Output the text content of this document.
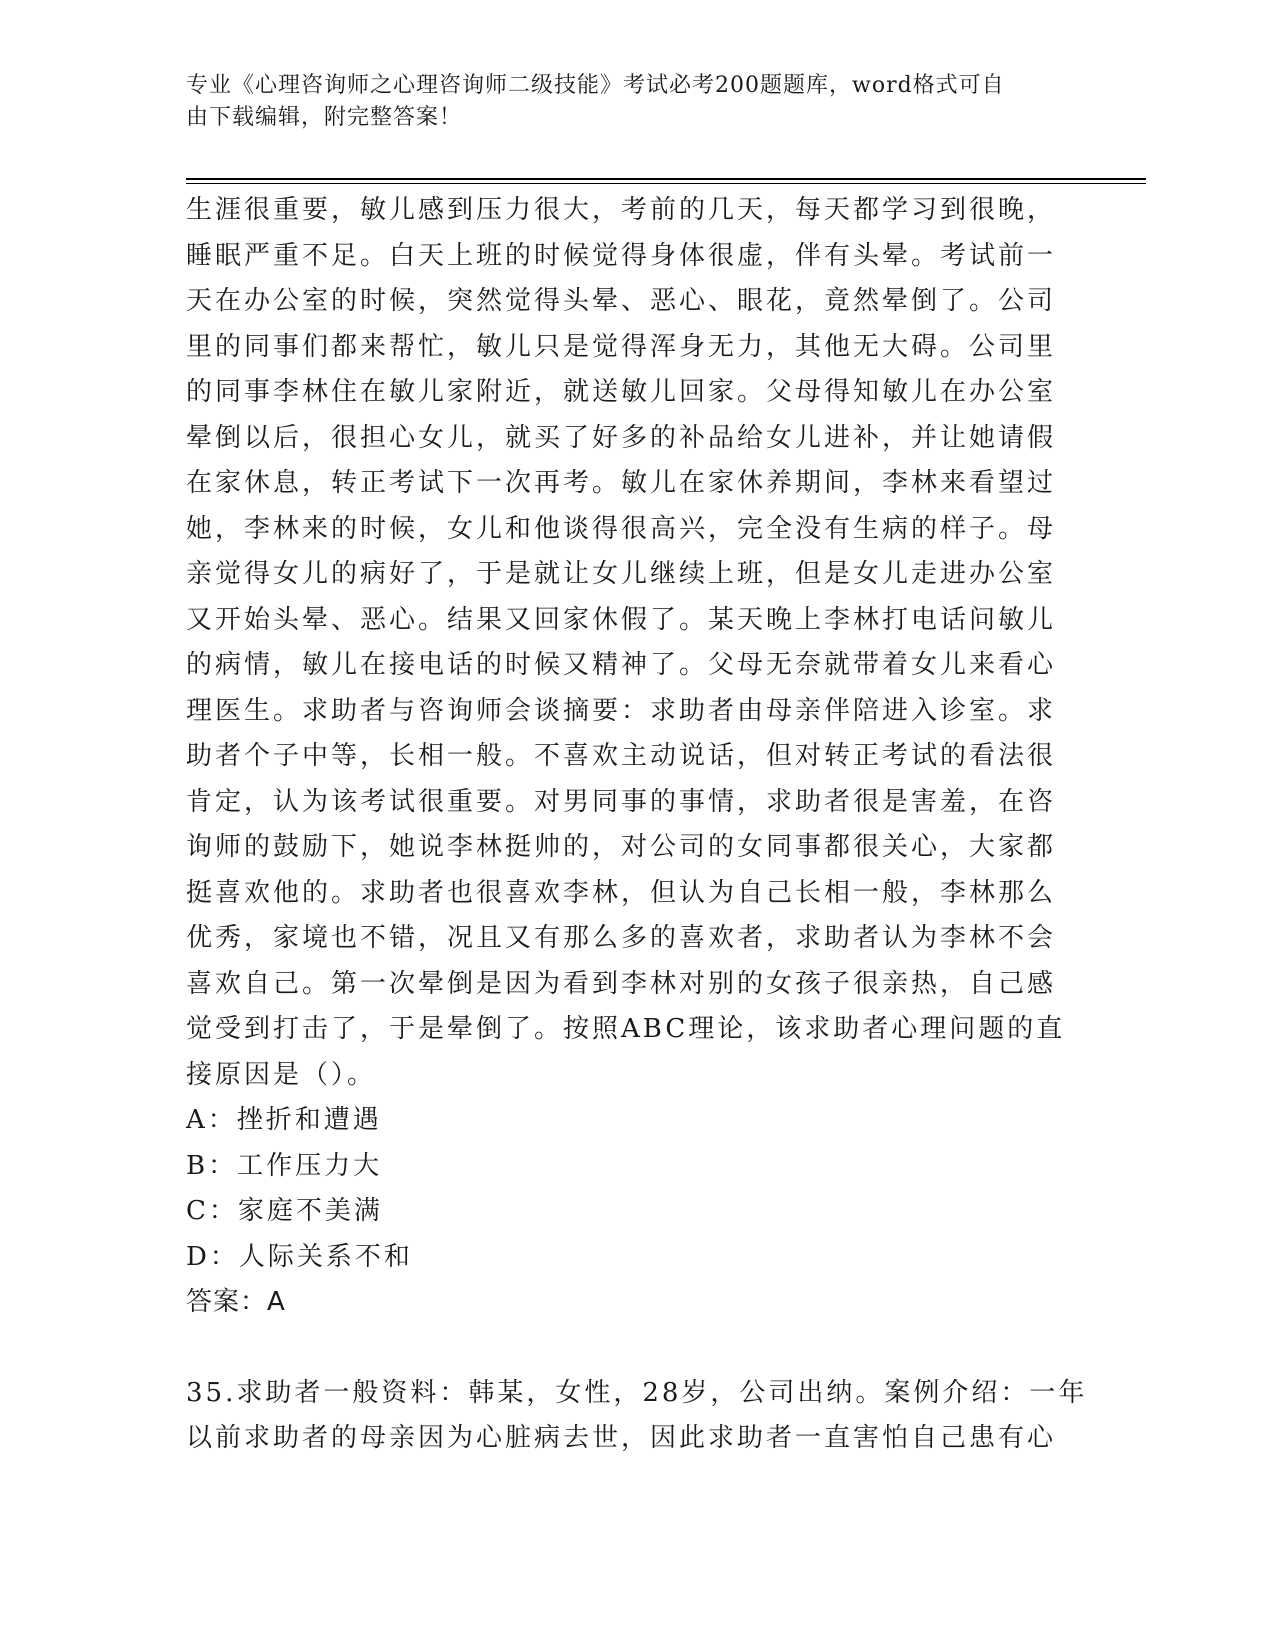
专业《心理咨询师之心理咨询师二级技能》考试必考200题题库，word格式可自
由下载编辑，附完整答案！
生涯很重要，敏儿感到压力很大，考前的几天，每天都学习到很晚，
睡眠严重不足。白天上班的时候觉得身体很虚，伴有头晕。考试前一
天在办公室的时候，突然觉得头晕、恶心、眼花，竟然晕倒了。公司
里的同事们都来帮忙，敏儿只是觉得浑身无力，其他无大碍。公司里
的同事李林住在敏儿家附近，就送敏儿回家。父母得知敏儿在办公室
晕倒以后，很担心女儿，就买了好多的补品给女儿进补，并让她请假
在家休息，转正考试下一次再考。敏儿在家休养期间，李林来看望过
她，李林来的时候，女儿和他谈得很高兴，完全没有生病的样子。母
亲觉得女儿的病好了，于是就让女儿继续上班，但是女儿走进办公室
又开始头晕、恶心。结果又回家休假了。某天晚上李林打电话问敏儿
的病情，敏儿在接电话的时候又精神了。父母无奈就带着女儿来看心
理医生。求助者与咨询师会谈摘要：求助者由母亲伴陪进入诊室。求
助者个子中等，长相一般。不喜欢主动说话，但对转正考试的看法很
肯定，认为该考试很重要。对男同事的事情，求助者很是害羞，在咨
询师的鼓励下，她说李林挺帅的，对公司的女同事都很关心，大家都
挺喜欢他的。求助者也很喜欢李林，但认为自己长相一般，李林那么
优秀，家境也不错，况且又有那么多的喜欢者，求助者认为李林不会
喜欢自己。第一次晕倒是因为看到李林对别的女孩子很亲热，自己感
觉受到打击了，于是晕倒了。按照ABC理论，该求助者心理问题的直
接原因是（）。
A：挫折和遭遇
B：工作压力大
C：家庭不美满
D：人际关系不和
答案：A
35.求助者一般资料：韩某，女性，28岁，公司出纳。案例介绍：一年
以前求助者的母亲因为心脏病去世，因此求助者一直害怕自己患有心
